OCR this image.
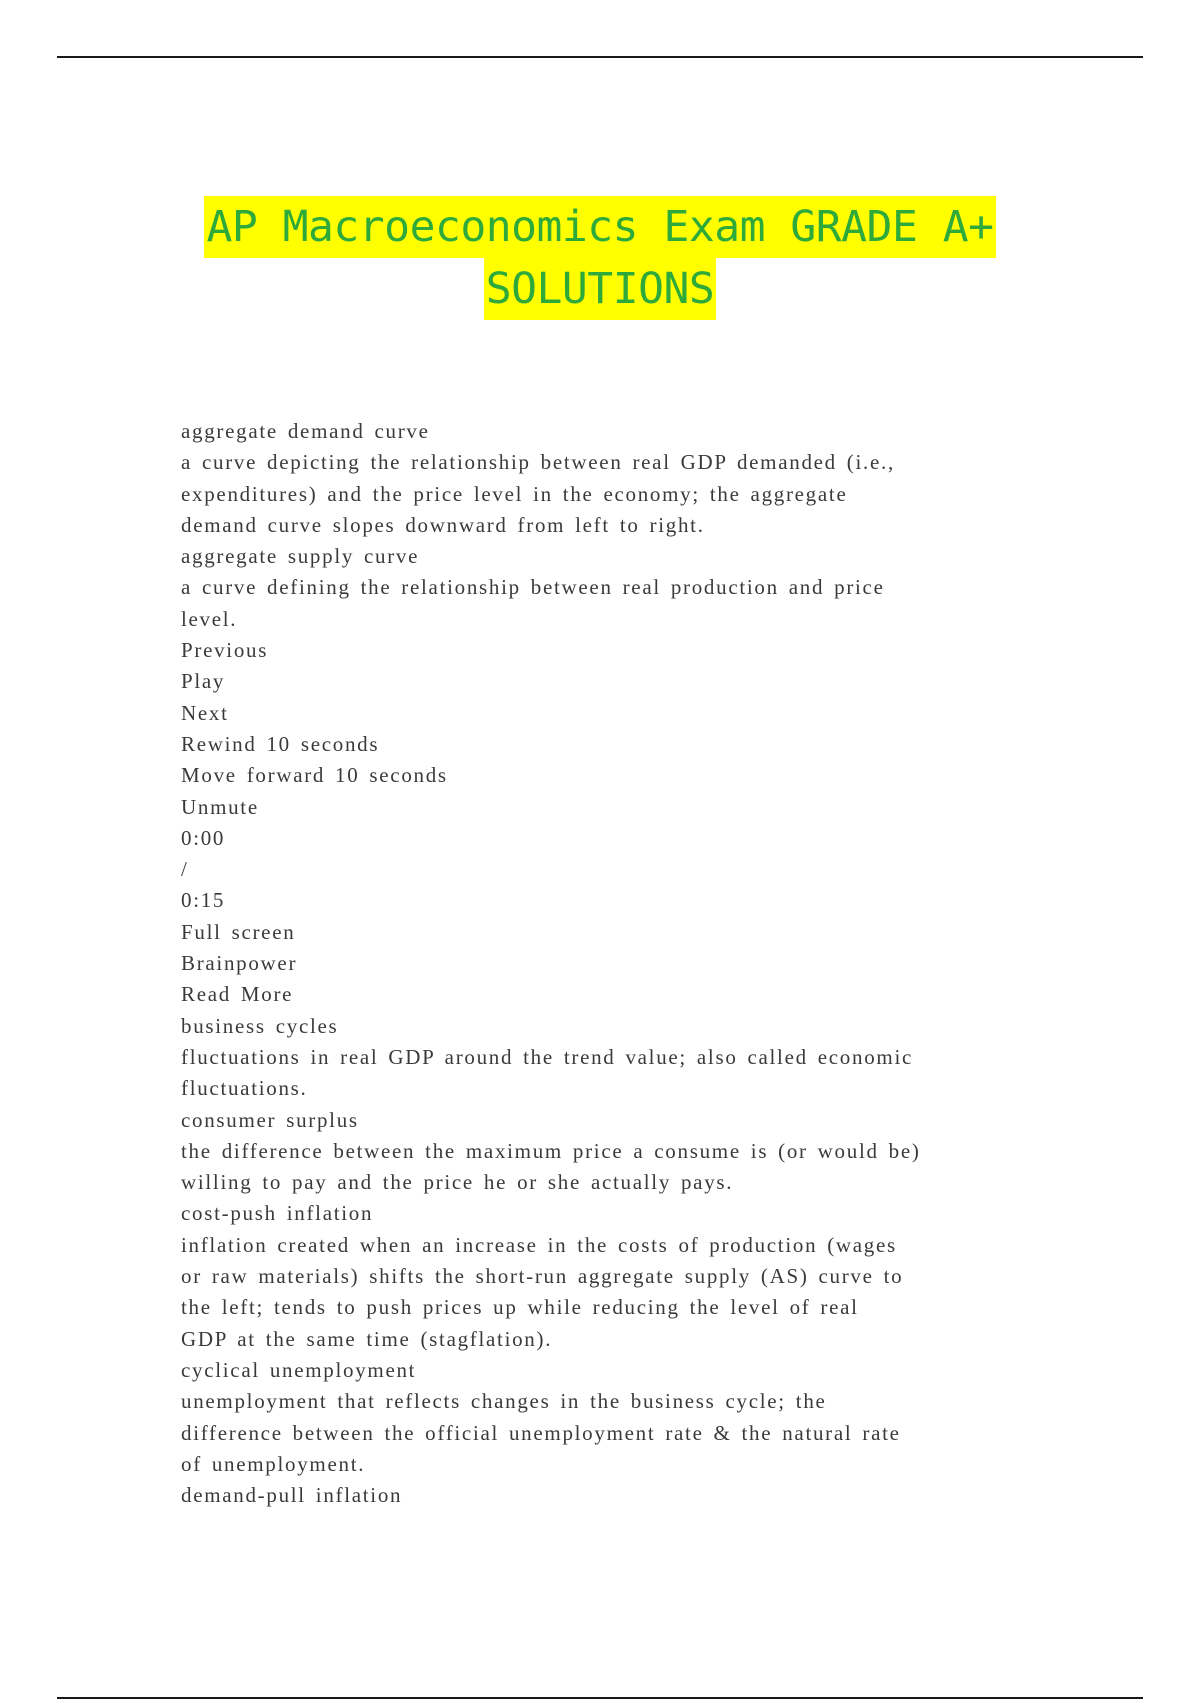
AP Macroeconomics Exam GRADE A+
SOLUTIONS
aggregate demand curve
a curve depicting the relationship between real GDP demanded (i.e.,
expenditures) and the price level in the economy; the aggregate
demand curve slopes downward from left to right.
aggregate supply curve
a curve defining the relationship between real production and price
level.
Previous
Play
Next
Rewind 10 seconds
Move forward 10 seconds
Unmute
0:00
/
0:15
Full screen
Brainpower
Read More
business cycles
fluctuations in real GDP around the trend value; also called economic
fluctuations.
consumer surplus
the difference between the maximum price a consume is (or would be)
willing to pay and the price he or she actually pays.
cost-push inflation
inflation created when an increase in the costs of production (wages
or raw materials) shifts the short-run aggregate supply (AS) curve to
the left; tends to push prices up while reducing the level of real
GDP at the same time (stagflation).
cyclical unemployment
unemployment that reflects changes in the business cycle; the
difference between the official unemployment rate & the natural rate
of unemployment.
demand-pull inflation
